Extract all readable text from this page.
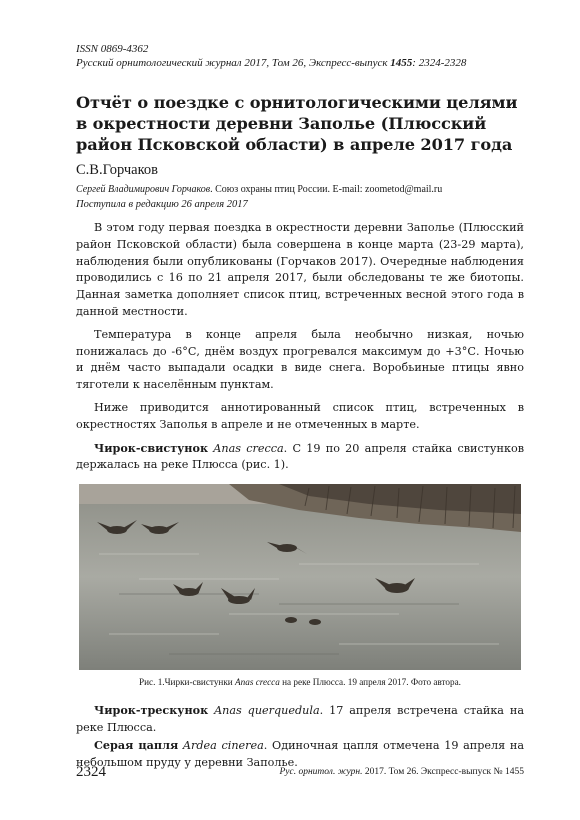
ISSN 0869-4362
Русский орнитологический журнал 2017, Том 26, Экспресс-выпуск 1455: 2324-2328
Отчёт о поездке с орнитологическими целями в окрестности деревни Заполье (Плюсский район Псковской области) в апреле 2017 года
С.В.Горчаков
Сергей Владимирович Горчаков. Союз охраны птиц России. E-mail: zoometod@mail.ru
Поступила в редакцию 26 апреля 2017

В этом году первая поездка в окрестности деревни Заполье (Плюсский район Псковской области) была совершена в конце марта (23-29 марта), наблюдения были опубликованы (Горчаков 2017). Очередные наблюдения проводились с 16 по 21 апреля 2017, были обследованы те же биотопы. Данная заметка дополняет список птиц, встреченных весной этого года в данной местности.

Температура в конце апреля была необычно низкая, ночью понижалась до -6°С, днём воздух прогревался максимум до +3°С. Ночью и днём часто выпадали осадки в виде снега. Воробьиные птицы явно тяготели к населённым пунктам.

Ниже приводится аннотированный список птиц, встреченных в окрестностях Заполья в апреле и не отмеченных в марте.

Чирок-свистунок Anas crecca. С 19 по 20 апреля стайка свистунков держалась на реке Плюсса (рис. 1).

Рис. 1.Чирки-свистунки Anas crecca на реке Плюсса. 19 апреля 2017. Фото автора.

Чирок-трескунок Anas querquedula. 17 апреля встречена стайка на реке Плюсса.

Серая цапля Ardea cinerea. Одиночная цапля отмечена 19 апреля на небольшом пруду у деревни Заполье.

2324	Рус. орнитол. журн. 2017. Том 26. Экспресс-выпуск № 1455
